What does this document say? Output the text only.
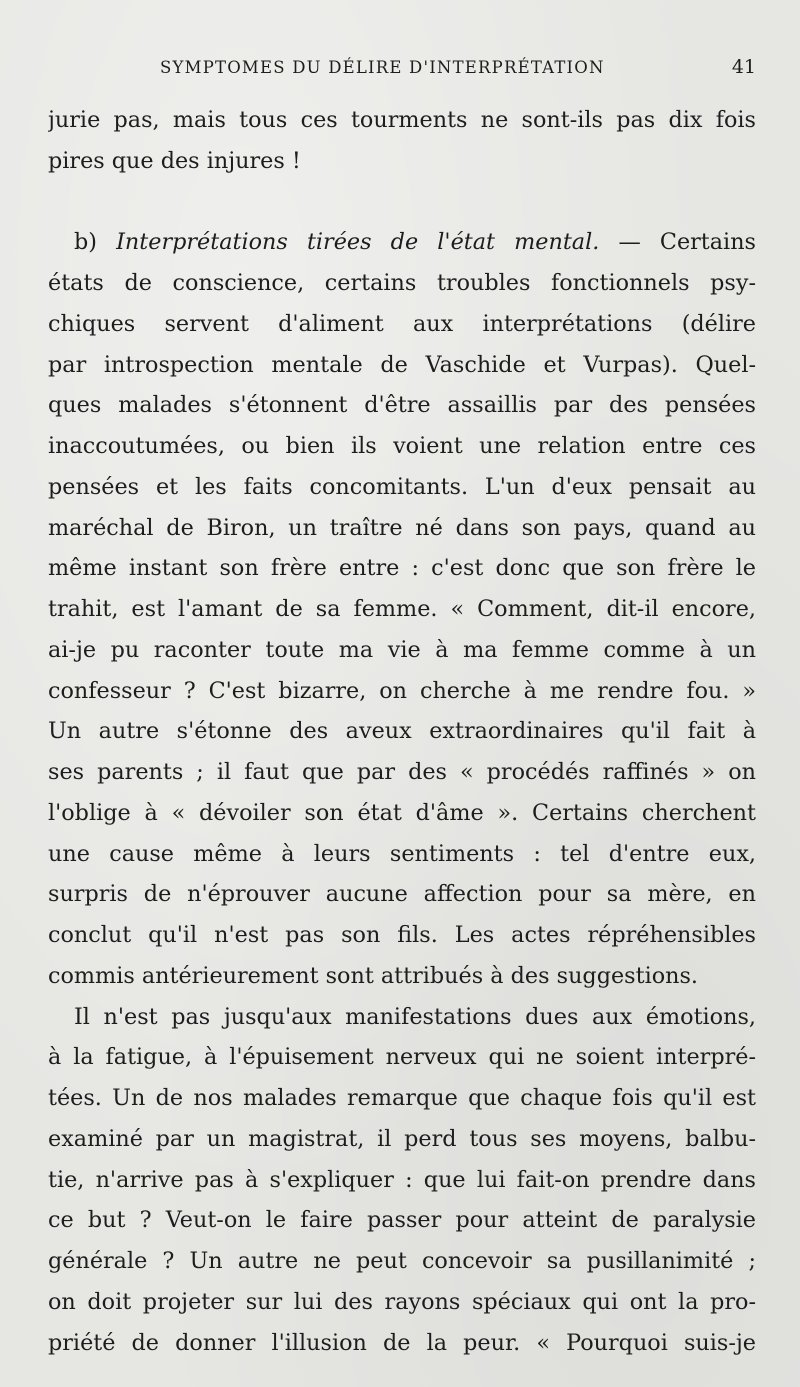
SYMPTOMES DU DÉLIRE D'INTERPRÉTATION	41
jurie pas, mais tous ces tourments ne sont-ils pas dix fois
pires que des injures !
b) Interprétations tirées de l'état mental. — Certains
états de conscience, certains troubles fonctionnels psy-
chiques servent d'aliment aux interprétations (délire
par introspection mentale de Vaschide et Vurpas). Quel-
ques malades s'étonnent d'être assaillis par des pensées
inaccoutumées, ou bien ils voient une relation entre ces
pensées et les faits concomitants. L'un d'eux pensait au
maréchal de Biron, un traître né dans son pays, quand au
même instant son frère entre : c'est donc que son frère le
trahit, est l'amant de sa femme. « Comment, dit-il encore,
ai-je pu raconter toute ma vie à ma femme comme à un
confesseur ? C'est bizarre, on cherche à me rendre fou. »
Un autre s'étonne des aveux extraordinaires qu'il fait à
ses parents ; il faut que par des « procédés raffinés » on
l'oblige à « dévoiler son état d'âme ». Certains cherchent
une cause même à leurs sentiments : tel d'entre eux,
surpris de n'éprouver aucune affection pour sa mère, en
conclut qu'il n'est pas son fils. Les actes répréhensibles
commis antérieurement sont attribués à des suggestions.
Il n'est pas jusqu'aux manifestations dues aux émotions,
à la fatigue, à l'épuisement nerveux qui ne soient interpré-
tées. Un de nos malades remarque que chaque fois qu'il est
examiné par un magistrat, il perd tous ses moyens, balbu-
tie, n'arrive pas à s'expliquer : que lui fait-on prendre dans
ce but ? Veut-on le faire passer pour atteint de paralysie
générale ? Un autre ne peut concevoir sa pusillanimité ;
on doit projeter sur lui des rayons spéciaux qui ont la pro-
priété de donner l'illusion de la peur. « Pourquoi suis-je
